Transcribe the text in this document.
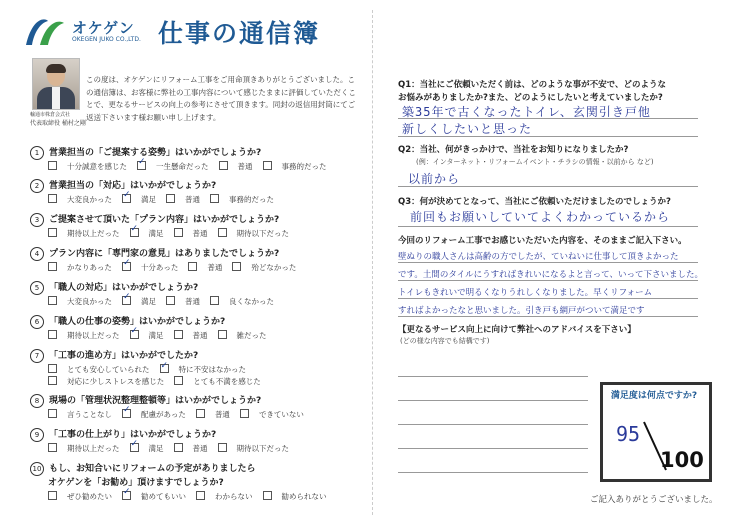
オケゲン
OKEGEN JUKO CO.,LTD. 仕事の通信簿
輸通市株倉会式社
代表取締役 桶村之剛
この度は、オケゲンにリフォーム工事をご用命頂きありがとうございました。この通信簿は、お客様に弊社の工事内容について感じたままに評価していただくことで、更なるサービスの向上の参考にさせて頂きます。同封の返信用封筒にてご返送下さいます様お願い申し上げます。
1 営業担当の「ご提案する姿勢」はいかがでしょうか?
十分誠意を感じた ✓	一生懸命だった	普通	事務的だった
2 営業担当の「対応」はいかがでしょうか?
大変良かった ✓	満足	普通	事務的だった
3 ご提案させて頂いた「プラン内容」はいかがでしょうか?
期待以上だった ✓	満足	普通	期待以下だった
4 プラン内容に「専門家の意見」はありましたでしょうか?
かなりあった ✓	十分あった	普通	殆どなかった
5 「職人の対応」はいかがでしょうか?
大変良かった ✓	満足	普通	良くなかった
6 「職人の仕事の姿勢」はいかがでしょうか?
期待以上だった ✓	満足	普通	雑だった
7 「工事の進め方」はいかがでしたか?
とても安心していられた ✓	特に不安はなかった
対応に少しストレスを感じた	とても不満を感じた
8 現場の「管理状況整理整頓等」はいかがでしょうか?
言うことなし ✓	配慮があった	普通	できていない
9 「工事の仕上がり」はいかがでしょうか?
期待以上だった ✓	満足	普通	期待以下だった
10 もし、お知合いにリフォームの予定がありましたら
オケゲンを「お勧め」頂けますでしょうか?
ぜひ勧めたい ✓	勧めてもいい	わからない	勧められない
Q1：当社にご依頼いただく前は、どのような事が不安で、どのような
お悩みがありましたか?また、どのようにしたいと考えていましたか?
築35年で古くなったトイレ、玄関引き戸他
新しくしたいと思った
Q2：当社、何がきっかけで、当社をお知りになりましたか?
(例：インターネット・リフォームイベント・チラシの情報・以前から など)
以前から
Q3：何が決めてとなって、当社にご依頼いただけましたのでしょうか?
前回もお願いしていてよくわかっているから
今回のリフォーム工事でお感じいただいた内容を、そのままご記入下さい。
壁ぬりの職人さんは高齢の方でしたが、ていねいに仕事して頂きよかった
です。土間のタイルにうすればきれいになるよと言って、いって下さいました。
トイレもきれいで明るくなりうれしくなりました。早くリフォーム
すればよかったなと思いました。引き戸も網戸がついて満足です
【更なるサービス向上に向けて弊社へのアドバイスを下さい】
(どの様な内容でも結構です)
満足度は何点ですか?
95
100
ご記入ありがとうございました。
